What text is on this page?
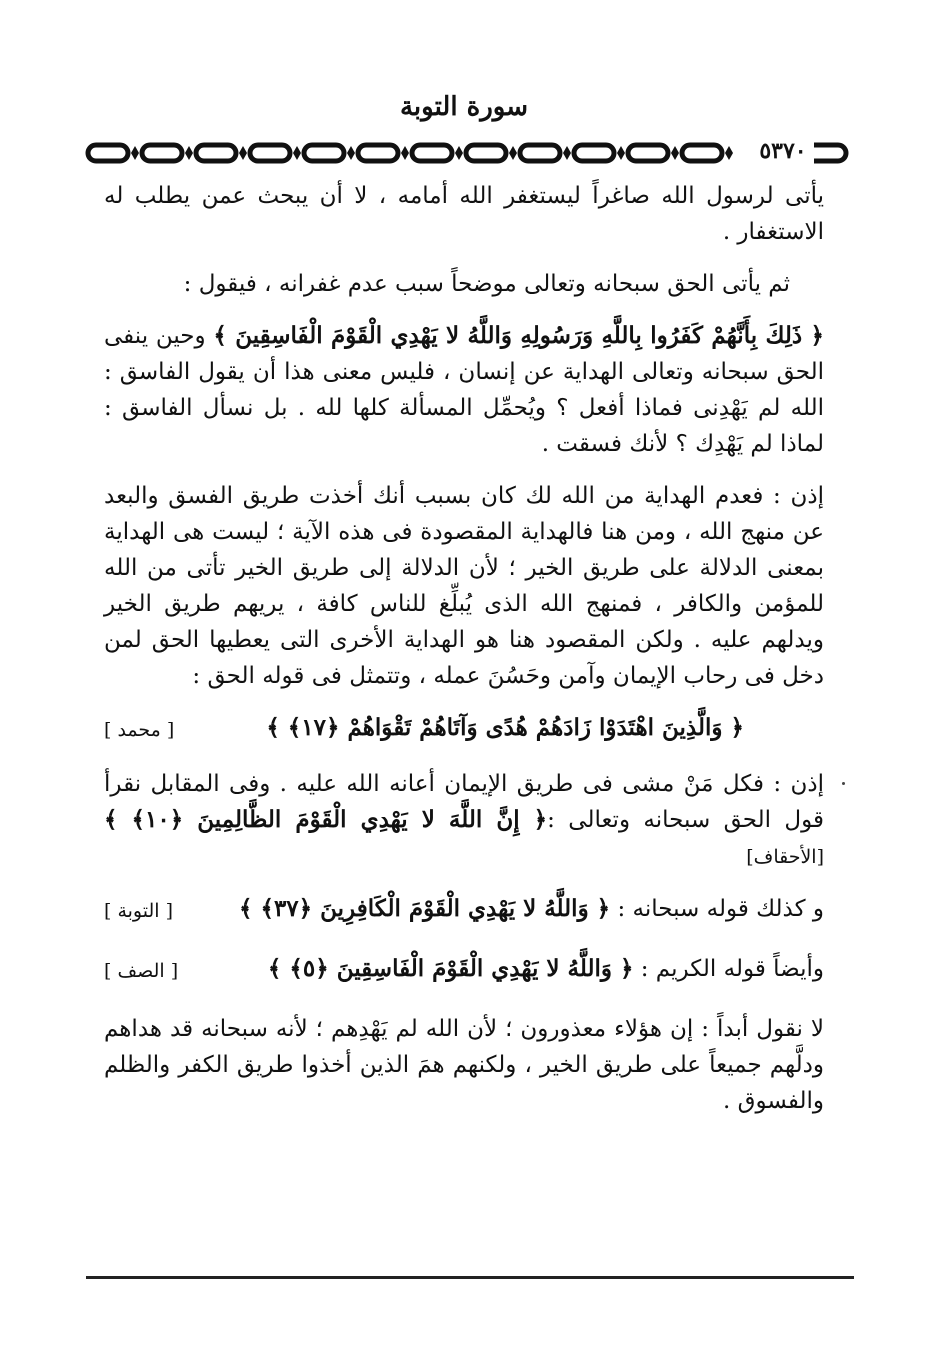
سورة التوبة
٥٣٧٠

يأتى لرسول الله صاغراً ليستغفر الله أمامه ، لا أن يبحث عمن يطلب له الاستغفار .

ثم يأتى الحق سبحانه وتعالى موضحاً سبب عدم غفرانه ، فيقول :

﴿ ذَلِكَ بِأَنَّهُمْ كَفَرُوا بِاللَّهِ وَرَسُولِهِ وَاللَّهُ لا يَهْدِي الْقَوْمَ الْفَاسِقِينَ ﴾ وحين ينفى الحق سبحانه وتعالى الهداية عن إنسان ، فليس معنى هذا أن يقول الفاسق : الله لم يَهْدِنى فماذا أفعل ؟ ويُحمِّل المسألة كلها لله . بل نسأل الفاسق : لماذا لم يَهْدِك ؟ لأنك فسقت .

إذن : فعدم الهداية من الله لك كان بسبب أنك أخذت طريق الفسق والبعد عن منهج الله ، ومن هنا فالهداية المقصودة فى هذه الآية ؛ ليست هى الهداية بمعنى الدلالة على طريق الخير ؛ لأن الدلالة إلى طريق الخير تأتى من الله للمؤمن والكافر ، فمنهج الله الذى يُبلِّغ للناس كافة ، يريهم طريق الخير ويدلهم عليه . ولكن المقصود هنا هو الهداية الأخرى التى يعطيها الحق لمن دخل فى رحاب الإيمان وآمن وحَسُنَ عمله ، وتتمثل فى قوله الحق :

﴿ وَالَّذِينَ اهْتَدَوْا زَادَهُمْ هُدًى وَآتَاهُمْ تَقْوَاهُمْ ﴿١٧﴾ ﴾
[ محمد ]

إذن : فكل مَنْ مشى فى طريق الإيمان أعانه الله عليه . وفى المقابل نقرأ قول الحق سبحانه وتعالى :﴿ إِنَّ اللَّهَ لا يَهْدِي الْقَوْمَ الظَّالِمِينَ ﴿١٠﴾ ﴾ [الأحقاف]

و كذلك قوله سبحانه : ﴿ وَاللَّهُ لا يَهْدِي الْقَوْمَ الْكَافِرِينَ ﴿٣٧﴾ ﴾
[ التوبة ]
وأيضاً قوله الكريم : ﴿ وَاللَّهُ لا يَهْدِي الْقَوْمَ الْفَاسِقِينَ ﴿٥﴾ ﴾
[ الصف ]

لا نقول أبداً : إن هؤلاء معذورون ؛ لأن الله لم يَهْدِهم ؛ لأنه سبحانه قد هداهم ودلَّهم جميعاً على طريق الخير ، ولكنهم همَ الذين أخذوا طريق الكفر والظلم والفسوق .
